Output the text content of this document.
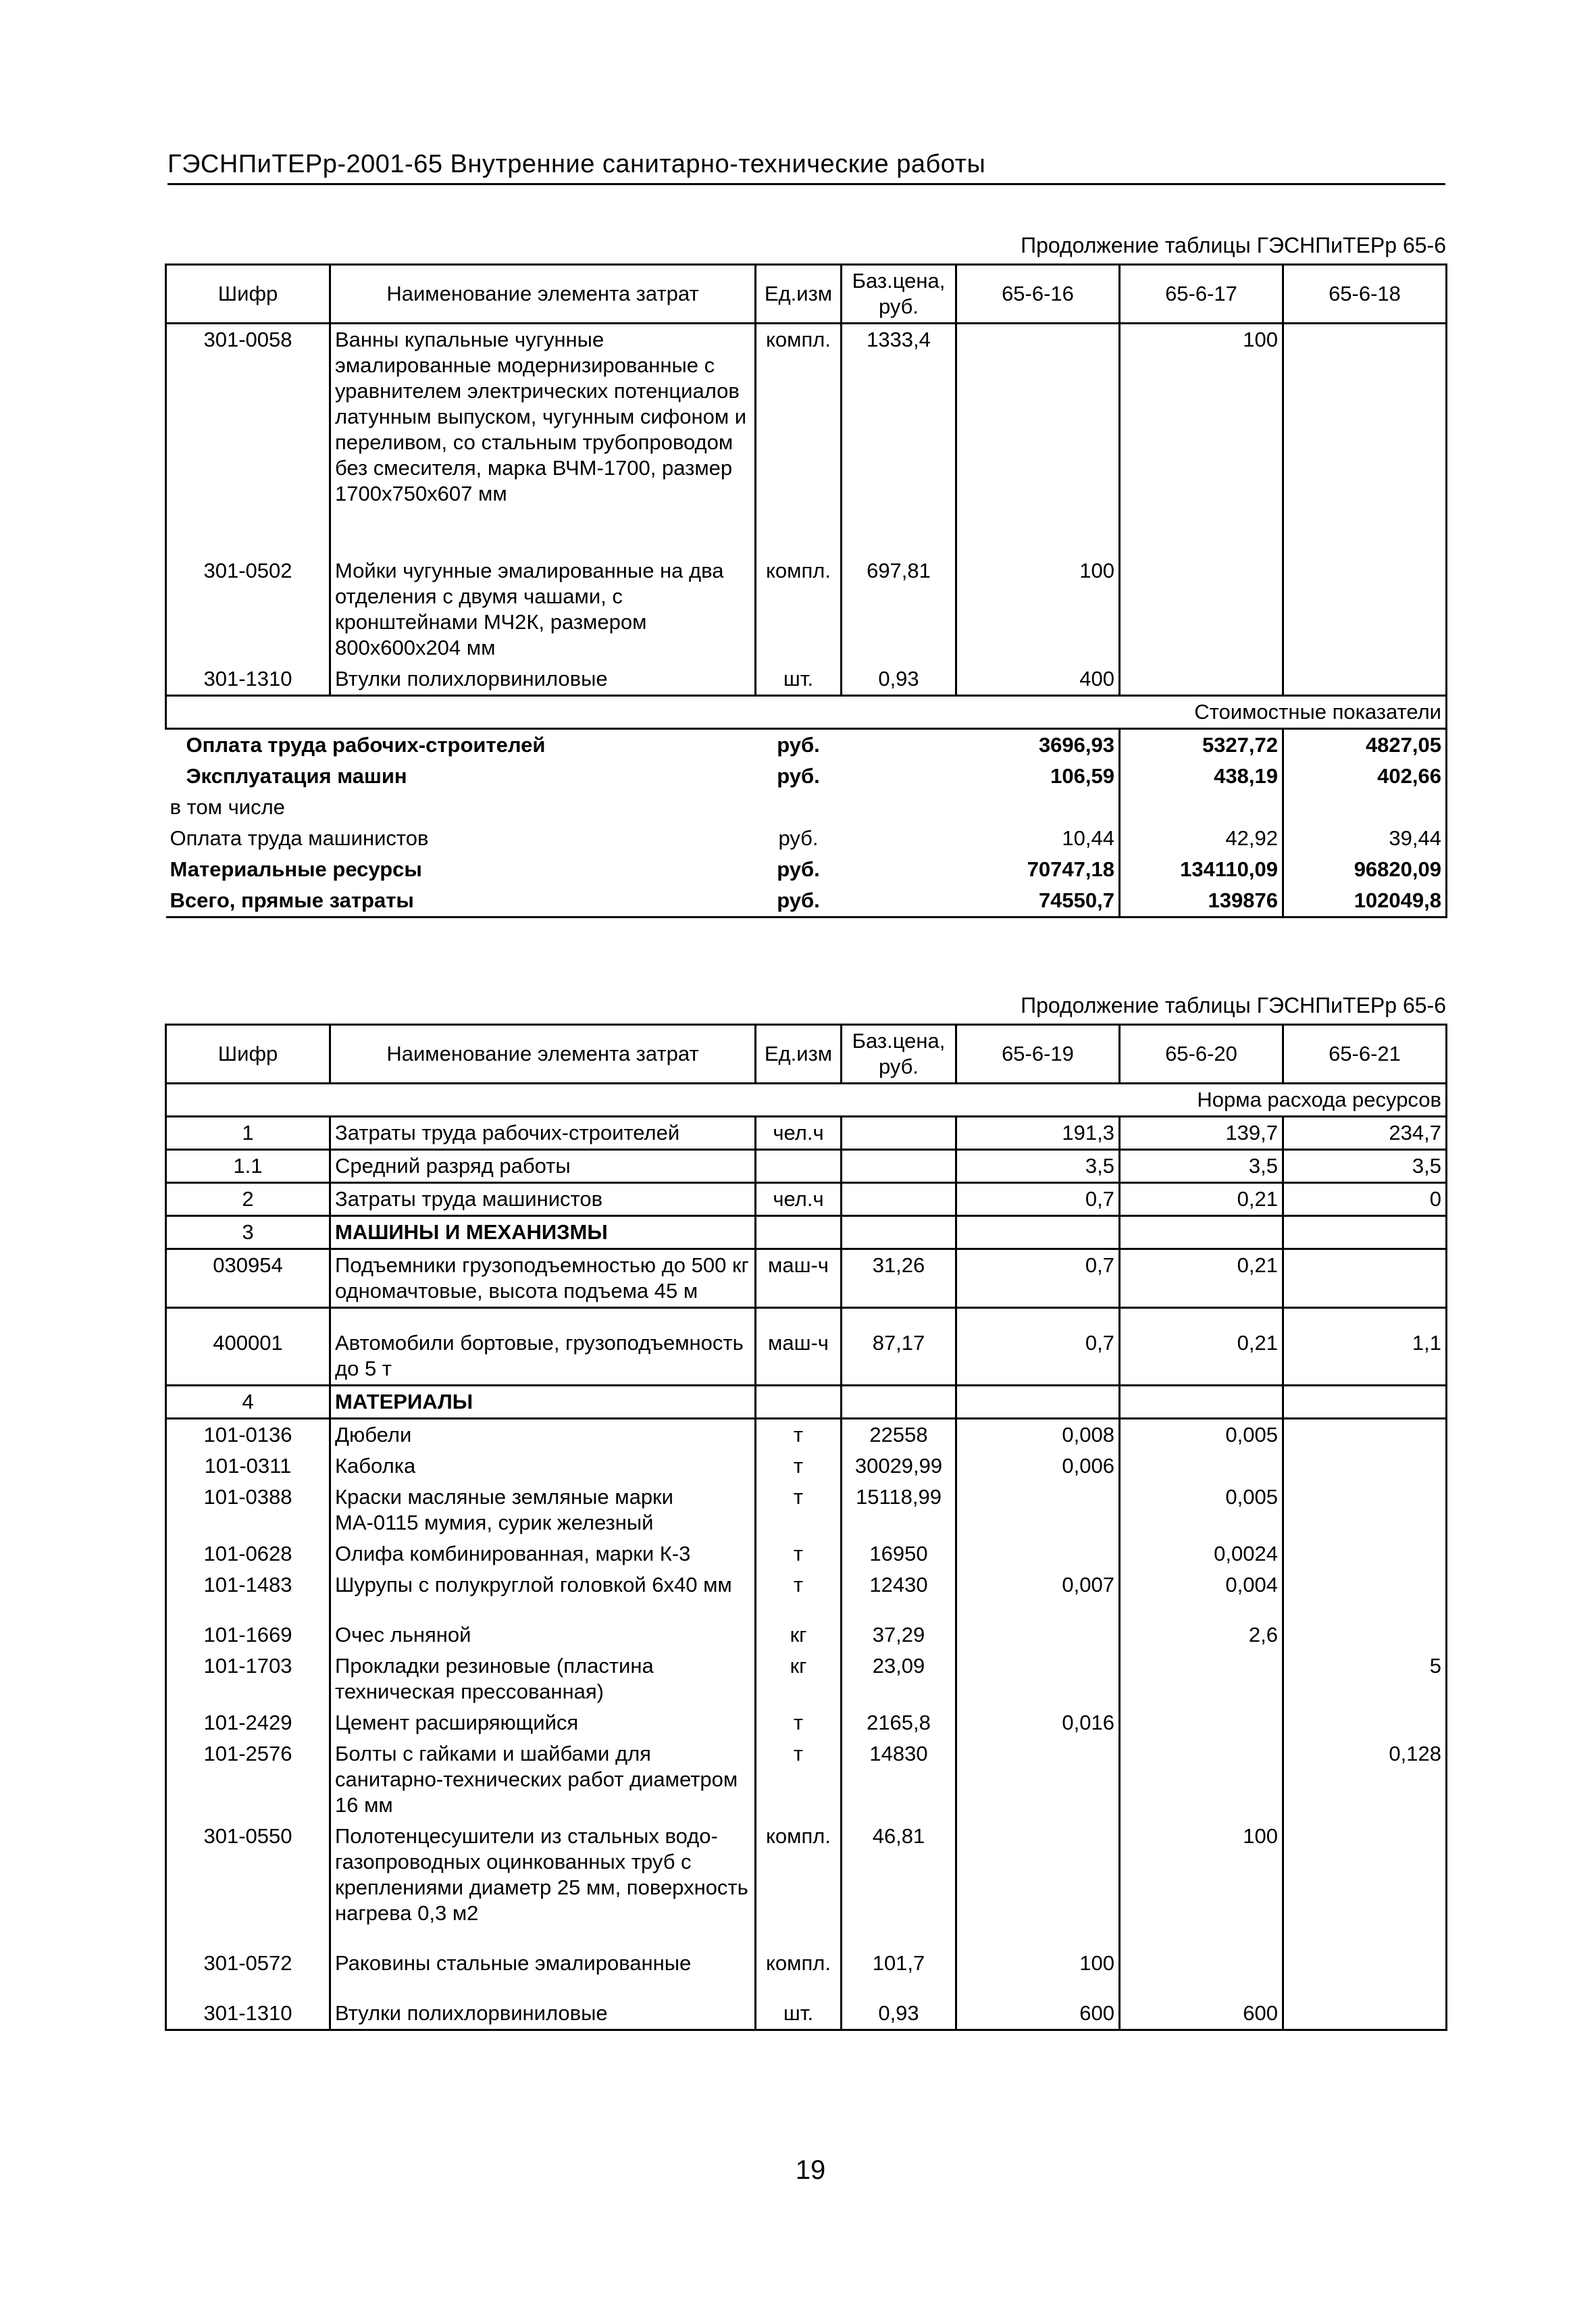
ГЭСНПиТЕРр-2001-65 Внутренние санитарно-технические работы
Продолжение таблицы ГЭСНПиТЕРр 65-6
Шифр	Наименование элемента затрат	Ед.изм	Баз.цена, руб.	65-6-16	65-6-17	65-6-18
301-0058	Ванны купальные чугунные эмалированные модернизированные с уравнителем электрических потенциалов латунным выпуском, чугунным сифоном и переливом, со стальным трубопроводом без смесителя, марка ВЧМ-1700, размер 1700х750х607 мм	компл.	1333,4		100	

301-0502	Мойки чугунные эмалированные на два отделения с двумя чашами, с кронштейнами МЧ2К, размером 800х600х204 мм	компл.	697,81	100		
301-1310	Втулки полихлорвиниловые	шт.	0,93	400		
Стоимостные показатели						
Оплата труда рабочих-строителей		руб.		3696,93	5327,72	4827,05
Эксплуатация машин		руб.		106,59	438,19	402,66
в том числе						
Оплата труда машинистов		руб.		10,44	42,92	39,44
Материальные ресурсы		руб.		70747,18	134110,09	96820,09
Всего, прямые затраты		руб.		74550,7	139876	102049,8
Продолжение таблицы ГЭСНПиТЕРр 65-6
Шифр	Наименование элемента затрат	Ед.изм	Баз.цена, руб.	65-6-19	65-6-20	65-6-21
Норма расхода ресурсов						
1	Затраты труда рабочих-строителей	чел.ч		191,3	139,7	234,7
1.1	Средний разряд работы			3,5	3,5	3,5
2	Затраты труда машинистов	чел.ч		0,7	0,21	0
3	МАШИНЫ И МЕХАНИЗМЫ					
030954	Подъемники грузоподъемностью до 500 кг одномачтовые, высота подъема 45 м	маш-ч	31,26	0,7	0,21	

400001	Автомобили бортовые, грузоподъемность до 5 т	маш-ч	87,17	0,7	0,21	1,1
4	МАТЕРИАЛЫ					
101-0136	Дюбели	т	22558	0,008	0,005	
101-0311	Каболка	т	30029,99	0,006		
101-0388	Краски масляные земляные марки МА-0115 мумия, сурик железный	т	15118,99		0,005	
101-0628	Олифа комбинированная, марки К-3	т	16950		0,0024	
101-1483	Шурупы с полукруглой головкой 6х40 мм	т	12430	0,007	0,004	

101-1669	Очес льняной	кг	37,29		2,6	
101-1703	Прокладки резиновые (пластина техническая прессованная)	кг	23,09			5
101-2429	Цемент расширяющийся	т	2165,8	0,016		
101-2576	Болты с гайками и шайбами для санитарно-технических работ диаметром 16 мм	т	14830			0,128
301-0550	Полотенцесушители из стальных водо-газопроводных оцинкованных труб с креплениями диаметр 25 мм, поверхность нагрева 0,3 м2	компл.	46,81		100	

301-0572	Раковины стальные эмалированные	компл.	101,7	100		

301-1310	Втулки полихлорвиниловые	шт.	0,93	600	600	
19
